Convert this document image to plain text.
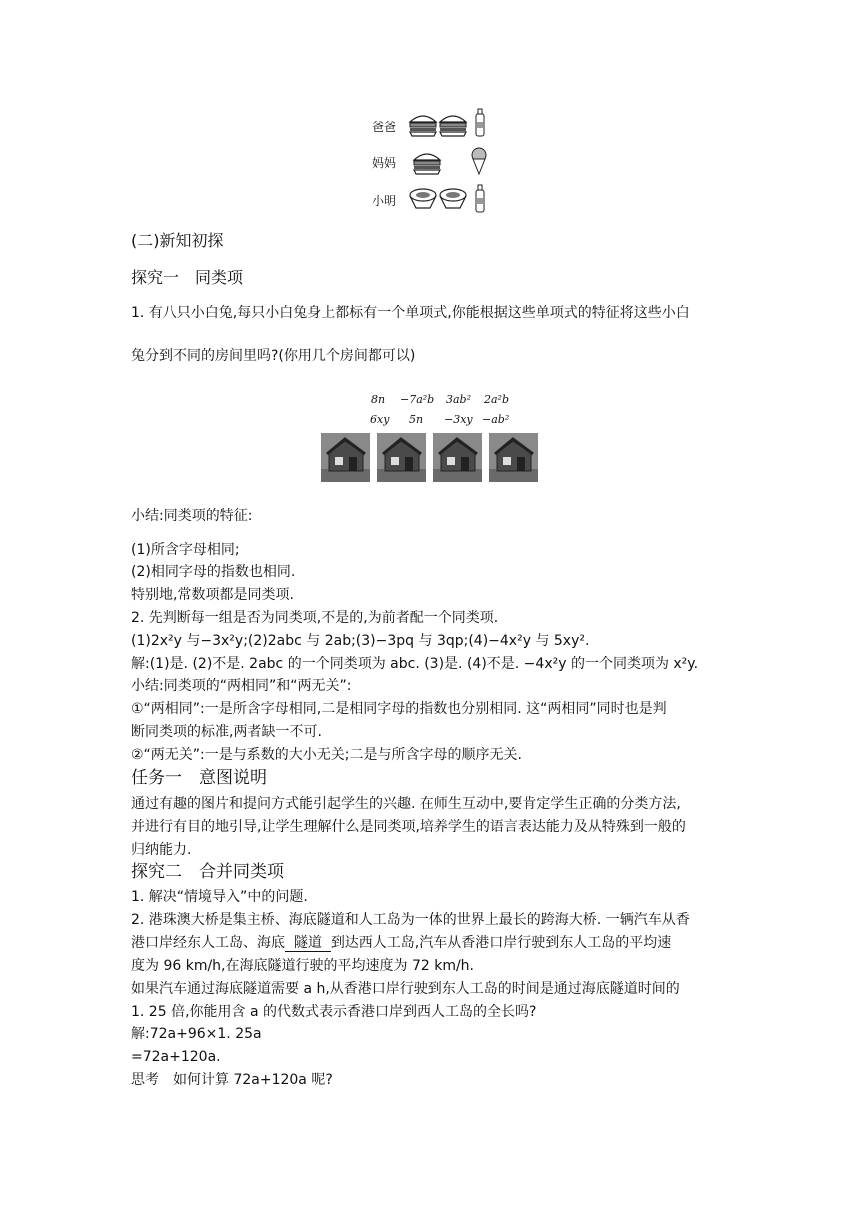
爸爸
妈妈
小明
(二)新知初探
探究一　同类项
1. 有八只小白兔,每只小白兔身上都标有一个单项式,你能根据这些单项式的特征将这些小白
兔分到不同的房间里吗?(你用几个房间都可以)
8n −7a²b 3ab² 2a²b
6xy 5n −3xy −ab²
小结:同类项的特征:
(1)所含字母相同;
(2)相同字母的指数也相同.
特别地,常数项都是同类项.
2. 先判断每一组是否为同类项,不是的,为前者配一个同类项.
(1)2x²y 与−3x²y;(2)2abc 与 2ab;(3)−3pq 与 3qp;(4)−4x²y 与 5xy².
解:(1)是. (2)不是. 2abc 的一个同类项为 abc. (3)是. (4)不是. −4x²y 的一个同类项为 x²y.
小结:同类项的“两相同”和“两无关”:
①“两相同”:一是所含字母相同,二是相同字母的指数也分别相同. 这“两相同”同时也是判
断同类项的标准,两者缺一不可.
②“两无关”:一是与系数的大小无关;二是与所含字母的顺序无关.
任务一　意图说明
通过有趣的图片和提问方式能引起学生的兴趣. 在师生互动中,要肯定学生正确的分类方法,
并进行有目的地引导,让学生理解什么是同类项,培养学生的语言表达能力及从特殊到一般的
归纳能力.
探究二　合并同类项
1. 解决“情境导入”中的问题.
2. 港珠澳大桥是集主桥、海底隧道和人工岛为一体的世界上最长的跨海大桥. 一辆汽车从香
港口岸经东人工岛、海底  隧道  到达西人工岛,汽车从香港口岸行驶到东人工岛的平均速
度为 96 km/h,在海底隧道行驶的平均速度为 72 km/h.
如果汽车通过海底隧道需要 a h,从香港口岸行驶到东人工岛的时间是通过海底隧道时间的
1. 25 倍,你能用含 a 的代数式表示香港口岸到西人工岛的全长吗?
解:72a+96×1. 25a
=72a+120a.
思考　如何计算 72a+120a 呢?
